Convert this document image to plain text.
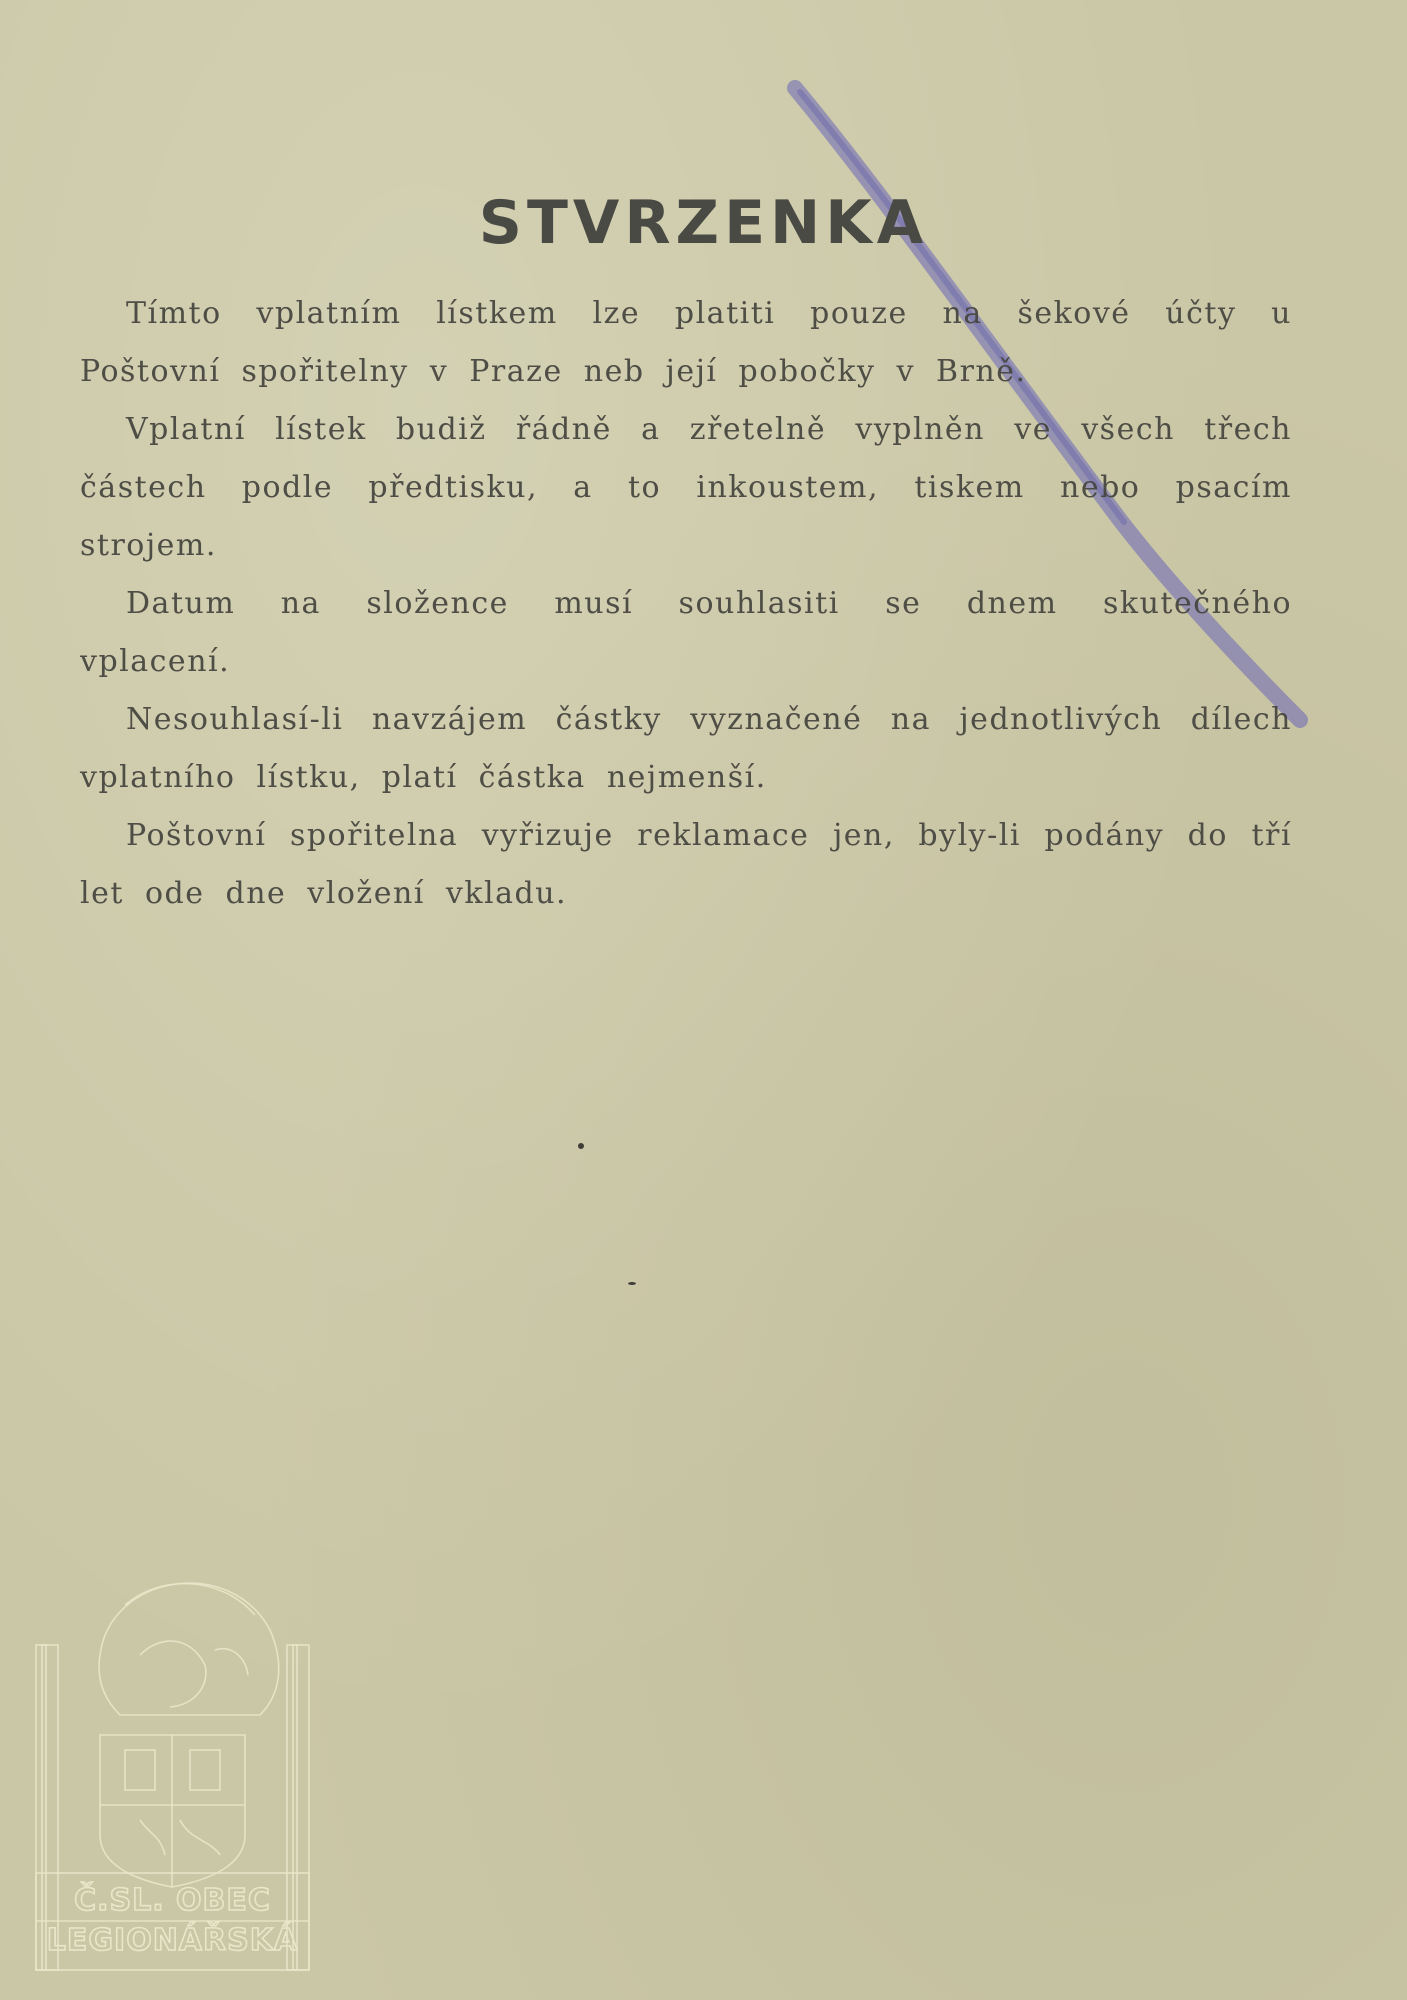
STVRZENKA

Tímto vplatním lístkem lze platiti pouze na šekové účty u Poštovní spořitelny v Praze neb její pobočky v Brně.

Vplatní lístek budiž řádně a zřetelně vyplněn ve všech třech částech podle předtisku, a to inkoustem, tiskem nebo psacím strojem.

Datum na složence musí souhlasiti se dnem skutečného vplacení.

Nesouhlasí-li navzájem částky vyznačené na jednotlivých dílech vplatního lístku, platí částka nejmenší.

Poštovní spořitelna vyřizuje reklamace jen, byly-li podány do tří let ode dne vložení vkladu.

Č.SL. OBEC
LEGIONÁŘSKÁ
